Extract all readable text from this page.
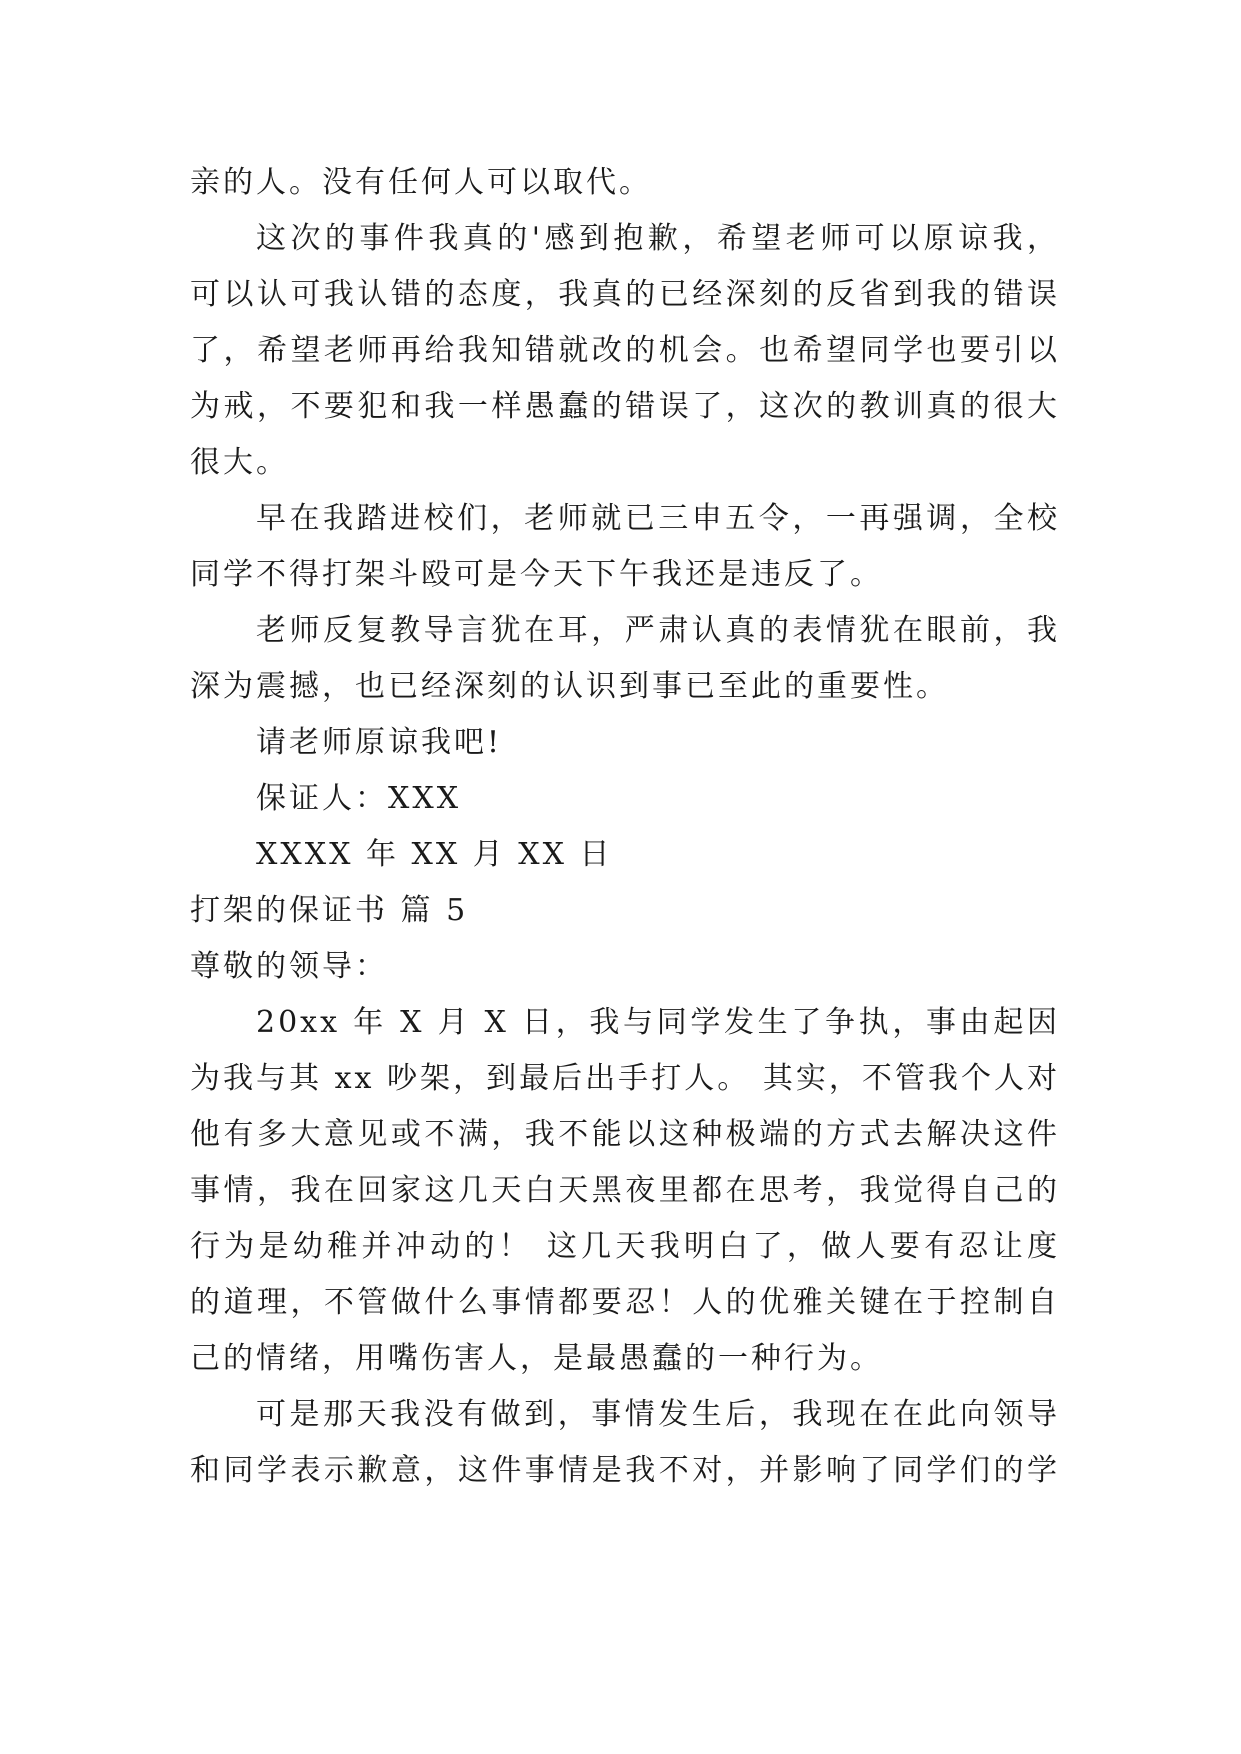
亲的人。没有任何人可以取代。
这次的事件我真的'感到抱歉，希望老师可以原谅我，
可以认可我认错的态度，我真的已经深刻的反省到我的错误
了，希望老师再给我知错就改的机会。也希望同学也要引以
为戒，不要犯和我一样愚蠢的错误了，这次的教训真的很大
很大。
早在我踏进校们，老师就已三申五令，一再强调，全校
同学不得打架斗殴可是今天下午我还是违反了。
老师反复教导言犹在耳，严肃认真的表情犹在眼前，我
深为震撼，也已经深刻的认识到事已至此的重要性。
请老师原谅我吧!
保证人：XXX
XXXX 年 XX 月 XX 日
打架的保证书 篇 5
尊敬的领导：
20xx 年 X 月 X 日，我与同学发生了争执，事由起因
为我与其 xx 吵架，到最后出手打人。 其实，不管我个人对
他有多大意见或不满，我不能以这种极端的方式去解决这件
事情，我在回家这几天白天黑夜里都在思考，我觉得自己的
行为是幼稚并冲动的！ 这几天我明白了，做人要有忍让度
的道理，不管做什么事情都要忍！人的优雅关键在于控制自
己的情绪，用嘴伤害人，是最愚蠢的一种行为。
可是那天我没有做到，事情发生后，我现在在此向领导
和同学表示歉意，这件事情是我不对，并影响了同学们的学
